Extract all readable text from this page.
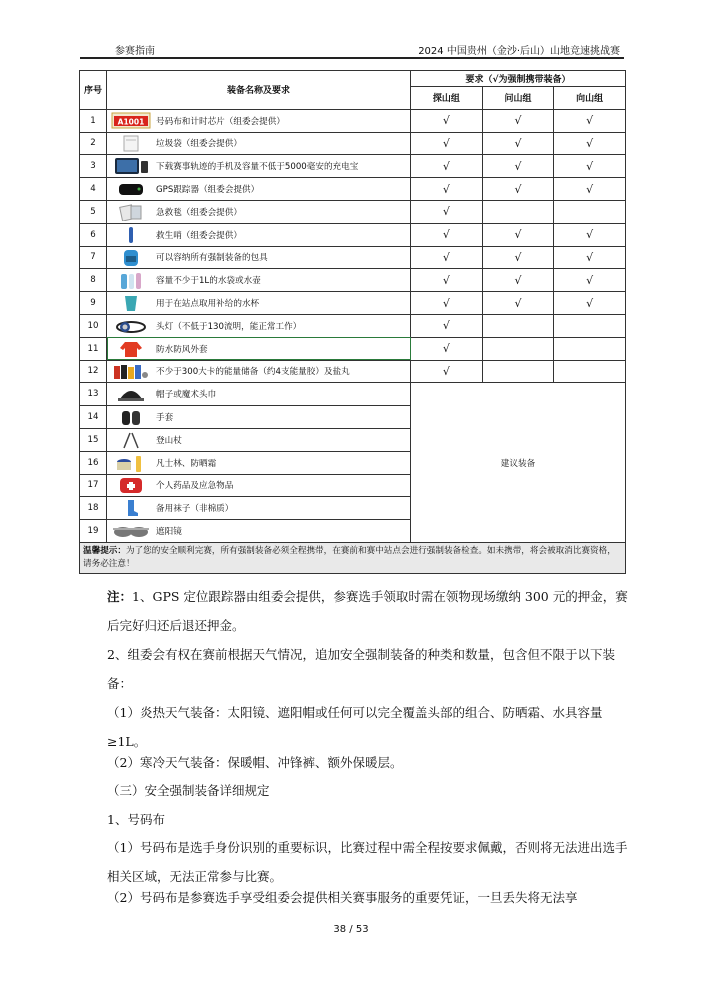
参赛指南	2024 中国贵州（金沙·后山）山地竞速挑战赛
序号	装备名称及要求	要求（√为强制携带装备）		
		探山组	问山组	向山组
1	A1001 号码布和计时芯片（组委会提供）	√	√	√
2	垃圾袋（组委会提供）	√	√	√
3	下载赛事轨迹的手机及容量不低于5000毫安的充电宝	√	√	√
4	GPS跟踪器（组委会提供）	√	√	√
5	急救毯（组委会提供）	√		
6	救生哨（组委会提供）	√	√	√
7	可以容纳所有强制装备的包具	√	√	√
8	容量不少于1L的水袋或水壶	√	√	√
9	用于在站点取用补给的水杯	√	√	√
10	头灯（不低于130流明，能正常工作）	√		
11	防水防风外套	√		
12	不少于300大卡的能量储备（约4支能量胶）及盐丸	√		
13	帽子或魔术头巾	建议装备		
14	手套			

15	登山杖			

16	凡士林、防晒霜			

17	个人药品及应急物品			

18	备用袜子（非棉质）			

19	遮阳镜			

温馨提示：为了您的安全顺利完赛，所有强制装备必须全程携带，在赛前和赛中站点会进行强制装备检查。如未携带，将会被取消比赛资格，请务必注意！				
注：1、GPS 定位跟踪器由组委会提供，参赛选手领取时需在领物现场缴纳 300 元的押金，赛后完好归还后退还押金。
2、组委会有权在赛前根据天气情况，追加安全强制装备的种类和数量，包含但不限于以下装备：
（1）炎热天气装备：太阳镜、遮阳帽或任何可以完全覆盖头部的组合、防晒霜、水具容量≥1L。
（2）寒冷天气装备：保暖帽、冲锋裤、额外保暖层。
（三）安全强制装备详细规定
1、号码布
（1）号码布是选手身份识别的重要标识，比赛过程中需全程按要求佩戴，否则将无法进出选手相关区域，无法正常参与比赛。
（2）号码布是参赛选手享受组委会提供相关赛事服务的重要凭证，一旦丢失将无法享
38 / 53
